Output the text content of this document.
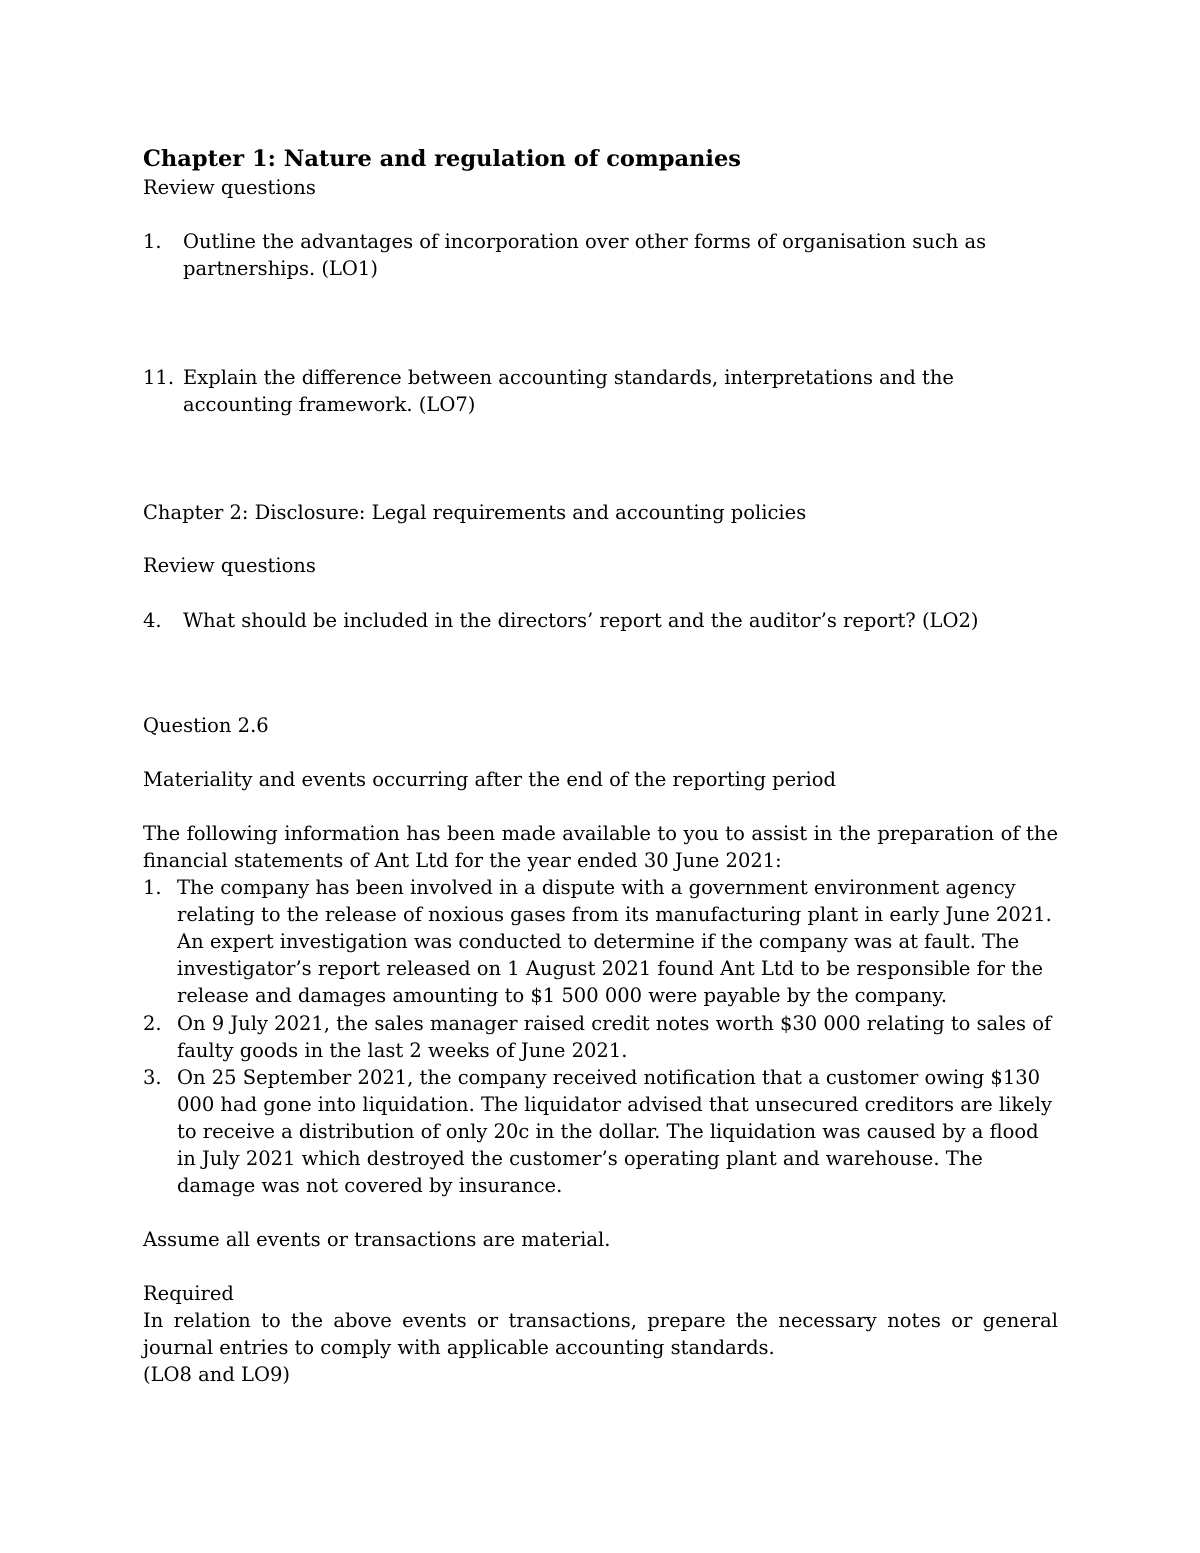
Chapter 1: Nature and regulation of companies
Review questions
1. Outline the advantages of incorporation over other forms of organisation such as partnerships. (LO1)
11. Explain the difference between accounting standards, interpretations and the accounting framework. (LO7)
Chapter 2: Disclosure: Legal requirements and accounting policies
Review questions
4. What should be included in the directors’ report and the auditor’s report? (LO2)
Question 2.6
Materiality and events occurring after the end of the reporting period
The following information has been made available to you to assist in the preparation of the financial statements of Ant Ltd for the year ended 30 June 2021:
1. The company has been involved in a dispute with a government environment agency relating to the release of noxious gases from its manufacturing plant in early June 2021. An expert investigation was conducted to determine if the company was at fault. The investigator’s report released on 1 August 2021 found Ant Ltd to be responsible for the release and damages amounting to $1 500 000 were payable by the company.
2. On 9 July 2021, the sales manager raised credit notes worth $30 000 relating to sales of faulty goods in the last 2 weeks of June 2021.
3. On 25 September 2021, the company received notification that a customer owing $130 000 had gone into liquidation. The liquidator advised that unsecured creditors are likely to receive a distribution of only 20c in the dollar. The liquidation was caused by a flood in July 2021 which destroyed the customer’s operating plant and warehouse. The damage was not covered by insurance.
Assume all events or transactions are material.
Required
In relation to the above events or transactions, prepare the necessary notes or general journal entries to comply with applicable accounting standards.
(LO8 and LO9)
